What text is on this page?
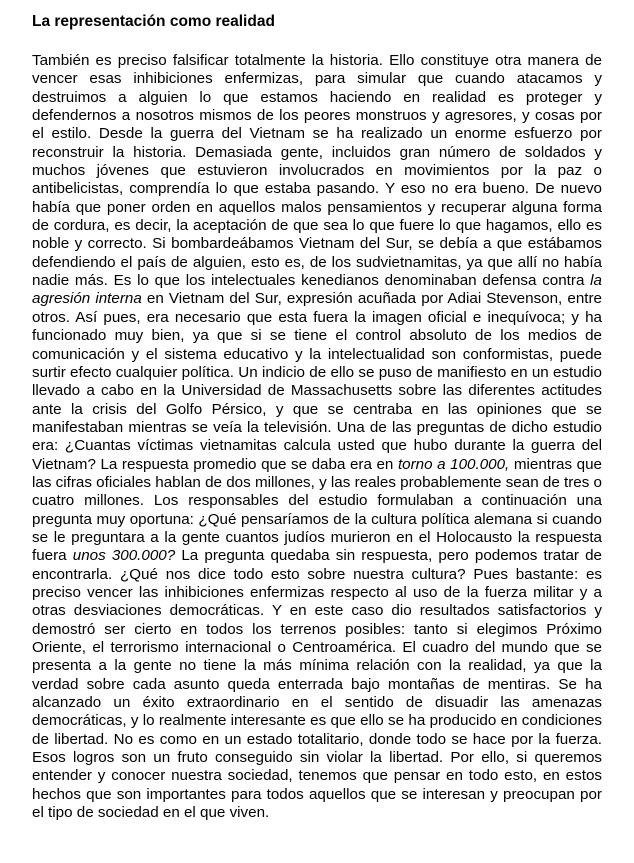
La representación como realidad

También es preciso falsificar totalmente la historia. Ello constituye otra manera de vencer esas inhibiciones enfermizas, para simular que cuando atacamos y destruimos a alguien lo que estamos haciendo en realidad es proteger y defendernos a nosotros mismos de los peores monstruos y agresores, y cosas por el estilo. Desde la guerra del Vietnam se ha realizado un enorme esfuerzo por reconstruir la historia. Demasiada gente, incluidos gran número de soldados y muchos jóvenes que estuvieron involucrados en movimientos por la paz o antibelicistas, comprendía lo que estaba pasando. Y eso no era bueno. De nuevo había que poner orden en aquellos malos pensamientos y recuperar alguna forma de cordura, es decir, la aceptación de que sea lo que fuere lo que hagamos, ello es noble y correcto. Si bombardeábamos Vietnam del Sur, se debía a que estábamos defendiendo el país de alguien, esto es, de los sudvietnamitas, ya que allí no había nadie más. Es lo que los intelectuales kenedianos denominaban defensa contra la agresión interna en Vietnam del Sur, expresión acuñada por Adiai Stevenson, entre otros. Así pues, era necesario que esta fuera la imagen oficial e inequívoca; y ha funcionado muy bien, ya que si se tiene el control absoluto de los medios de comunicación y el sistema educativo y la intelectualidad son conformistas, puede surtir efecto cualquier política. Un indicio de ello se puso de manifiesto en un estudio llevado a cabo en la Universidad de Massachusetts sobre las diferentes actitudes ante la crisis del Golfo Pérsico, y que se centraba en las opiniones que se manifestaban mientras se veía la televisión. Una de las preguntas de dicho estudio era: ¿Cuantas víctimas vietnamitas calcula usted que hubo durante la guerra del Vietnam? La respuesta promedio que se daba era en torno a 100.000, mientras que las cifras oficiales hablan de dos millones, y las reales probablemente sean de tres o cuatro millones. Los responsables del estudio formulaban a continuación una pregunta muy oportuna: ¿Qué pensaríamos de la cultura política alemana si cuando se le preguntara a la gente cuantos judíos murieron en el Holocausto la respuesta fuera unos 300.000? La pregunta quedaba sin respuesta, pero podemos tratar de encontrarla. ¿Qué nos dice todo esto sobre nuestra cultura? Pues bastante: es preciso vencer las inhibiciones enfermizas respecto al uso de la fuerza militar y a otras desviaciones democráticas. Y en este caso dio resultados satisfactorios y demostró ser cierto en todos los terrenos posibles: tanto si elegimos Próximo Oriente, el terrorismo internacional o Centroamérica. El cuadro del mundo que se presenta a la gente no tiene la más mínima relación con la realidad, ya que la verdad sobre cada asunto queda enterrada bajo montañas de mentiras. Se ha alcanzado un éxito extraordinario en el sentido de disuadir las amenazas democráticas, y lo realmente interesante es que ello se ha producido en condiciones de libertad. No es como en un estado totalitario, donde todo se hace por la fuerza. Esos logros son un fruto conseguido sin violar la libertad. Por ello, si queremos entender y conocer nuestra sociedad, tenemos que pensar en todo esto, en estos hechos que son importantes para todos aquellos que se interesan y preocupan por el tipo de sociedad en el que viven.
